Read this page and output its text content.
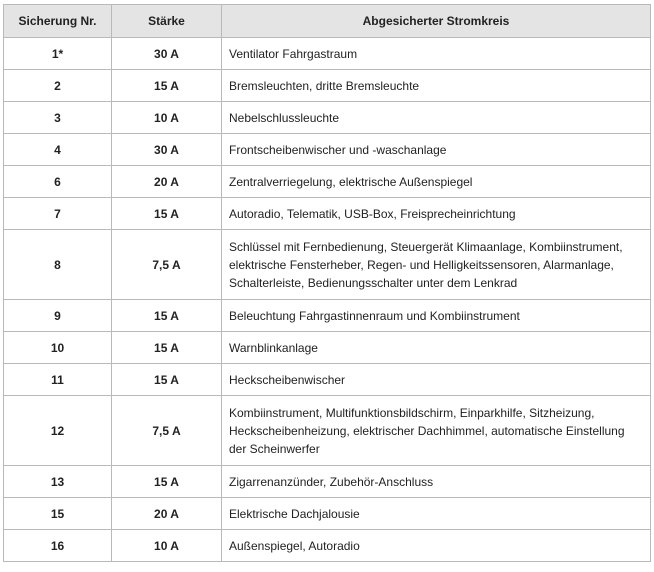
Sicherung Nr.	Stärke	Abgesicherter Stromkreis
1*	30 A	Ventilator Fahrgastraum
2	15 A	Bremsleuchten, dritte Bremsleuchte
3	10 A	Nebelschlussleuchte
4	30 A	Frontscheibenwischer und -waschanlage
6	20 A	Zentralverriegelung, elektrische Außenspiegel
7	15 A	Autoradio, Telematik, USB-Box, Freisprecheinrichtung
8	7,5 A	Schlüssel mit Fernbedienung, Steuergerät Klimaanlage, Kombiinstrument, elektrische Fensterheber, Regen- und Helligkeitssensoren, Alarmanlage, Schalterleiste, Bedienungsschalter unter dem Lenkrad
9	15 A	Beleuchtung Fahrgastinnenraum und Kombiinstrument
10	15 A	Warnblinkanlage
11	15 A	Heckscheibenwischer
12	7,5 A	Kombiinstrument, Multifunktionsbildschirm, Einparkhilfe, Sitzheizung, Heckscheibenheizung, elektrischer Dachhimmel, automatische Einstellung der Scheinwerfer
13	15 A	Zigarrenanzünder, Zubehör-Anschluss
15	20 A	Elektrische Dachjalousie
16	10 A	Außenspiegel, Autoradio
